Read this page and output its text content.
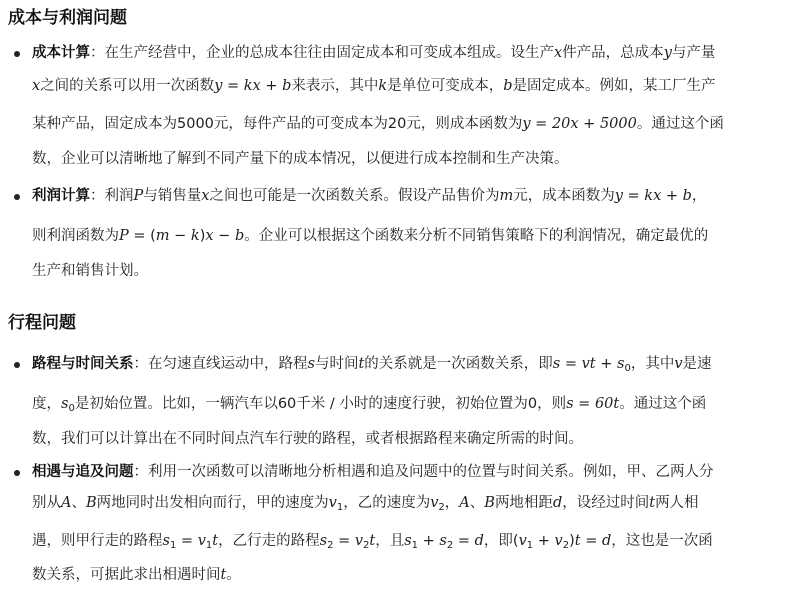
成本与利润问题

成本计算：在生产经营中，企业的总成本往往由固定成本和可变成本组成。设生产x件产品，总成本y与产量

x之间的关系可以用一次函数y = kx + b来表示，其中k是单位可变成本，b是固定成本。例如，某工厂生产

某种产品，固定成本为5000元，每件产品的可变成本为20元，则成本函数为y = 20x + 5000。通过这个函

数，企业可以清晰地了解到不同产量下的成本情况，以便进行成本控制和生产决策。

利润计算：利润P与销售量x之间也可能是一次函数关系。假设产品售价为m元，成本函数为y = kx + b，

则利润函数为P = (m − k)x − b。企业可以根据这个函数来分析不同销售策略下的利润情况，确定最优的

生产和销售计划。

行程问题

路程与时间关系：在匀速直线运动中，路程s与时间t的关系就是一次函数关系，即s = vt + $s_0$，其中v是速

度，$s_0$是初始位置。比如，一辆汽车以60千米 / 小时的速度行驶，初始位置为0，则s = 60t。通过这个函

数，我们可以计算出在不同时间点汽车行驶的路程，或者根据路程来确定所需的时间。

相遇与追及问题：利用一次函数可以清晰地分析相遇和追及问题中的位置与时间关系。例如，甲、乙两人分

别从A、B两地同时出发相向而行，甲的速度为$v_1$，乙的速度为$v_2$，A、B两地相距d，设经过时间t两人相

遇，则甲行走的路程$s_1 = v_1t$，乙行走的路程$s_2 = v_2t$，且$s_1 + s_2 = d$，即$(v_1 + v_2)t = d$，这也是一次函

数关系，可据此求出相遇时间t。
